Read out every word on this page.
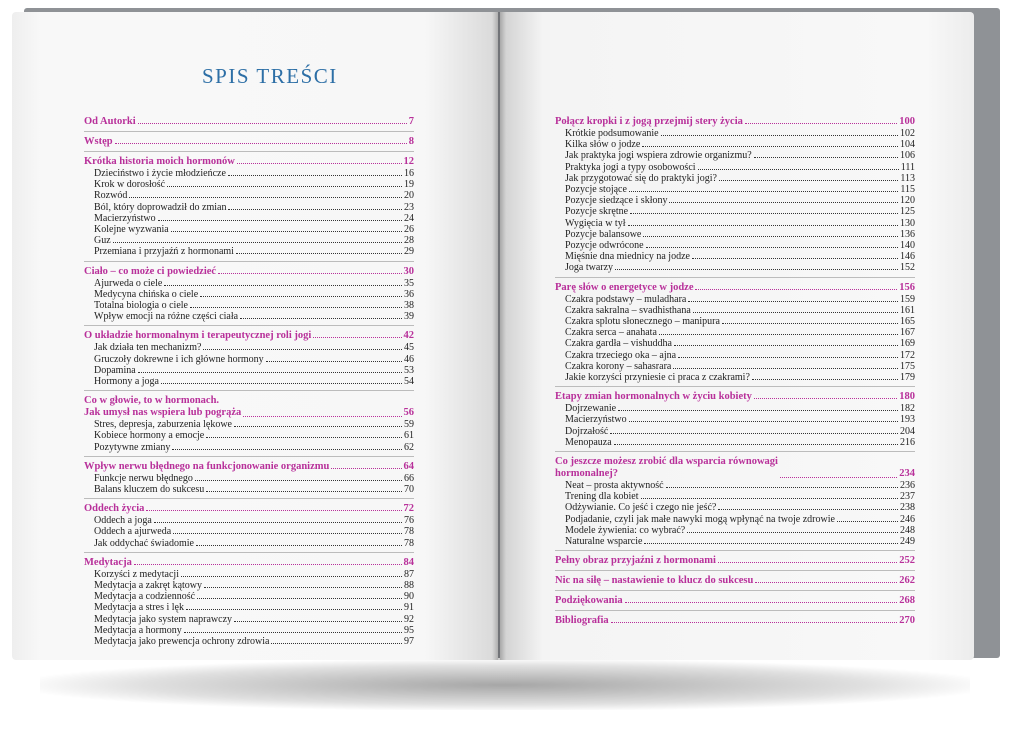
SPIS TREŚCI
Od Autorki	7
Wstęp	8
Krótka historia moich hormonów	12
Dzieciństwo i życie młodzieńcze	16
Krok w dorosłość	19
Rozwód	20
Ból, który doprowadził do zmian	23
Macierzyństwo	24
Kolejne wyzwania	26
Guz	28
Przemiana i przyjaźń z hormonami	29
Ciało – co może ci powiedzieć	30
Ajurweda o ciele	35
Medycyna chińska o ciele	36
Totalna biologia o ciele	38
Wpływ emocji na różne części ciała	39
O układzie hormonalnym i terapeutycznej roli jogi	42
Jak działa ten mechanizm?	45
Gruczoły dokrewne i ich główne hormony	46
Dopamina	53
Hormony a joga	54
Co w głowie, to w hormonach.
Jak umysł nas wspiera lub pogrąża	56
Stres, depresja, zaburzenia lękowe	59
Kobiece hormony a emocje	61
Pozytywne zmiany	62
Wpływ nerwu błędnego na funkcjonowanie organizmu	64
Funkcje nerwu błędnego	66
Balans kluczem do sukcesu	70
Oddech życia	72
Oddech a joga	76
Oddech a ajurweda	78
Jak oddychać świadomie	78
Medytacja	84
Korzyści z medytacji	87
Medytacja a zakręt kątowy	88
Medytacja a codzienność	90
Medytacja a stres i lęk	91
Medytacja jako system naprawczy	92
Medytacja a hormony	95
Medytacja jako prewencja ochrony zdrowia	97
Połącz kropki i z jogą przejmij stery życia	100
Krótkie podsumowanie	102
Kilka słów o jodze	104
Jak praktyka jogi wspiera zdrowie organizmu?	106
Praktyka jogi a typy osobowości	111
Jak przygotować się do praktyki jogi?	113
Pozycje stojące	115
Pozycje siedzące i skłony	120
Pozycje skrętne	125
Wygięcia w tył	130
Pozycje balansowe	136
Pozycje odwrócone	140
Mięśnie dna miednicy na jodze	146
Joga twarzy	152
Parę słów o energetyce w jodze	156
Czakra podstawy – muladhara	159
Czakra sakralna – svadhisthana	161
Czakra splotu słonecznego – manipura	165
Czakra serca – anahata	167
Czakra gardła – vishuddha	169
Czakra trzeciego oka – ajna	172
Czakra korony – sahasrara	175
Jakie korzyści przyniesie ci praca z czakrami?	179
Etapy zmian hormonalnych w życiu kobiety	180
Dojrzewanie	182
Macierzyństwo	193
Dojrzałość	204
Menopauza	216
Co jeszcze możesz zrobić dla wsparcia równowagi
hormonalnej?	234
Neat – prosta aktywność	236
Trening dla kobiet	237
Odżywianie. Co jeść i czego nie jeść?	238
Podjadanie, czyli jak małe nawyki mogą wpłynąć na twoje zdrowie	246
Modele żywienia: co wybrać?	248
Naturalne wsparcie	249
Pełny obraz przyjaźni z hormonami	252
Nic na siłę – nastawienie to klucz do sukcesu	262
Podziękowania	268
Bibliografia	270
